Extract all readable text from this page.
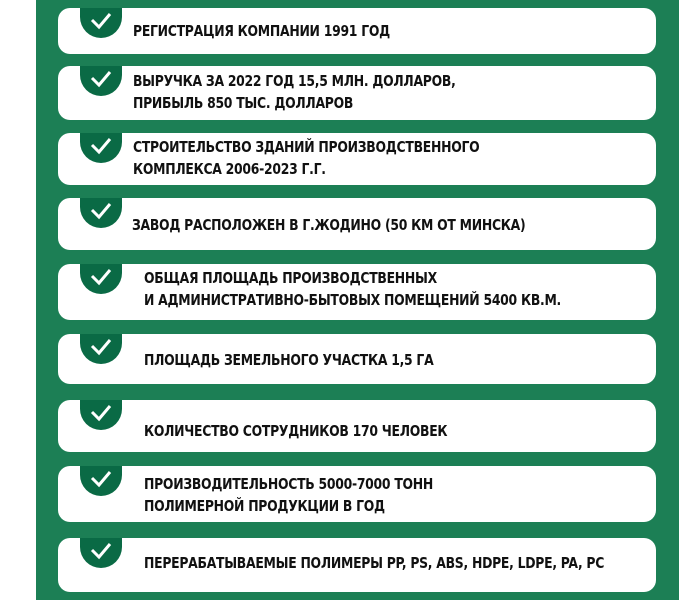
РЕГИСТРАЦИЯ КОМПАНИИ 1991 ГОД
ВЫРУЧКА ЗА 2022 ГОД 15,5 МЛН. ДОЛЛАРОВ,
ПРИБЫЛЬ 850 ТЫС. ДОЛЛАРОВ
СТРОИТЕЛЬСТВО ЗДАНИЙ ПРОИЗВОДСТВЕННОГО
КОМПЛЕКСА 2006-2023 Г.Г.
ЗАВОД РАСПОЛОЖЕН В Г.ЖОДИНО (50 КМ ОТ МИНСКА)
ОБЩАЯ ПЛОЩАДЬ ПРОИЗВОДСТВЕННЫХ
И АДМИНИСТРАТИВНО-БЫТОВЫХ ПОМЕЩЕНИЙ 5400 КВ.М.
ПЛОЩАДЬ ЗЕМЕЛЬНОГО УЧАСТКА 1,5 ГА
КОЛИЧЕСТВО СОТРУДНИКОВ 170 ЧЕЛОВЕК
ПРОИЗВОДИТЕЛЬНОСТЬ 5000-7000 ТОНН
ПОЛИМЕРНОЙ ПРОДУКЦИИ В ГОД
ПЕРЕРАБАТЫВАЕМЫЕ ПОЛИМЕРЫ PP, PS, ABS, HDPE, LDPE, PA, PC
